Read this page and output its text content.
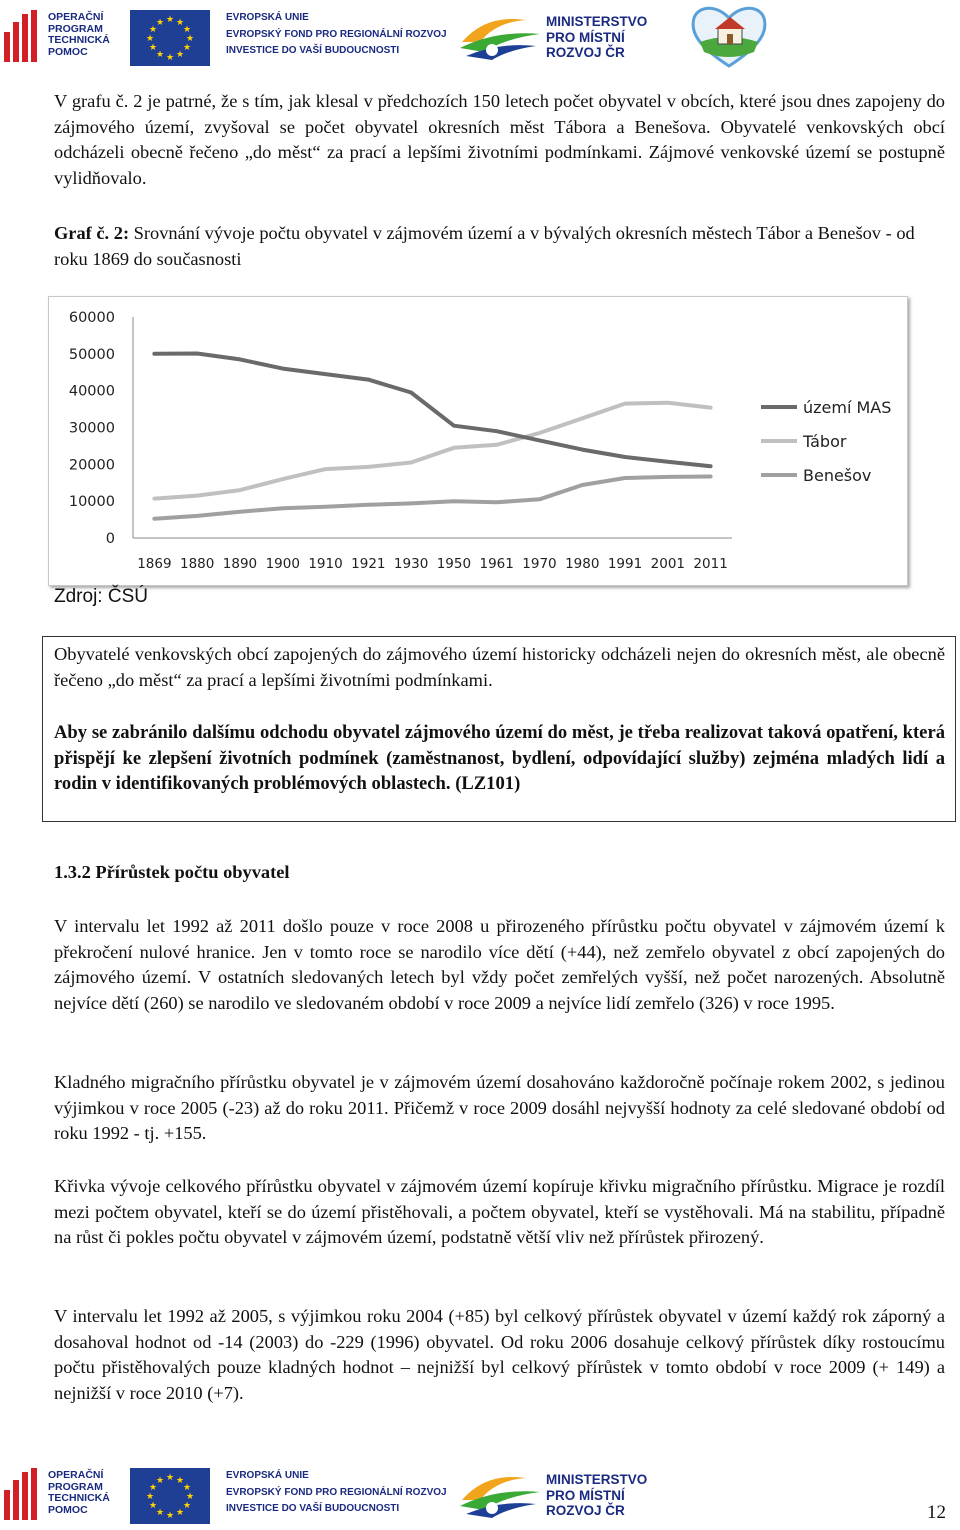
OPERAČNÍ
PROGRAM
TECHNICKÁ
POMOC
★ ★
★
★
★
★
★
★
★
★
★
★	EVROPSKÁ UNIE
EVROPSKÝ FOND PRO REGIONÁLNÍ ROZVOJ
INVESTICE DO VAŠÍ BUDOUCNOSTI
MINISTERSTVO
PRO MÍSTNÍ
ROZVOJ ČR

V grafu č. 2 je patrné, že s tím, jak klesal v předchozích 150 letech počet obyvatel v obcích, které jsou dnes zapojeny do zájmového území, zvyšoval se počet obyvatel okresních měst Tábora a Benešova. Obyvatelé venkovských obcí odcházeli obecně řečeno „do měst“ za prací a lepšími životními podmínkami. Zájmové venkovské území se postupně vylidňovalo.

Graf č. 2: Srovnání vývoje počtu obyvatel v zájmovém území a v bývalých okresních městech Tábor a Benešov - od roku 1869 do současnosti
60000
50000
40000
30000
20000
10000
0
1869 1880 1890 1900 1910 1921 1930 1950 1961 1970 1980 1991 2001 2011
území MAS
Tábor
Benešov
Zdroj: ČSÚ

Obyvatelé venkovských obcí zapojených do zájmového území historicky odcházeli nejen do okresních měst, ale obecně řečeno „do měst“ za prací a lepšími životními podmínkami.

Aby se zabránilo dalšímu odchodu obyvatel zájmového území do měst, je třeba realizovat taková opatření, která přispějí ke zlepšení životních podmínek (zaměstnanost, bydlení, odpovídající služby) zejména mladých lidí a rodin v identifikovaných problémových oblastech. (LZ101)

1.3.2 Přírůstek počtu obyvatel

V intervalu let 1992 až 2011 došlo pouze v roce 2008 u přirozeného přírůstku počtu obyvatel v zájmovém území k překročení nulové hranice. Jen v tomto roce se narodilo více dětí (+44), než zemřelo obyvatel z obcí zapojených do zájmového území. V ostatních sledovaných letech byl vždy počet zemřelých vyšší, než počet narozených. Absolutně nejvíce dětí (260) se narodilo ve sledovaném období v roce 2009 a nejvíce lidí zemřelo (326) v roce 1995.

Kladného migračního přírůstku obyvatel je v zájmovém území dosahováno každoročně počínaje rokem 2002, s jedinou výjimkou v roce 2005 (-23) až do roku 2011. Přičemž v roce 2009 dosáhl nejvyšší hodnoty za celé sledované období od roku 1992 - tj. +155.

Křivka vývoje celkového přírůstku obyvatel v zájmovém území kopíruje křivku migračního přírůstku. Migrace je rozdíl mezi počtem obyvatel, kteří se do území přistěhovali, a počtem obyvatel, kteří se vystěhovali. Má na stabilitu, případně na růst či pokles počtu obyvatel v zájmovém území, podstatně větší vliv než přírůstek přirozený.

V intervalu let 1992 až 2005, s výjimkou roku 2004 (+85) byl celkový přírůstek obyvatel v území každý rok záporný a dosahoval hodnot od -14 (2003) do -229 (1996) obyvatel. Od roku 2006 dosahuje celkový přírůstek díky rostoucímu počtu přistěhovalých pouze kladných hodnot – nejnižší byl celkový přírůstek v tomto období v roce 2009 (+ 149) a nejnižší v roce 2010 (+7).

OPERAČNÍ
PROGRAM
TECHNICKÁ
POMOC
★ ★
★
★
★
★
★
★
★
★
★
★	EVROPSKÁ UNIE
EVROPSKÝ FOND PRO REGIONÁLNÍ ROZVOJ
INVESTICE DO VAŠÍ BUDOUCNOSTI
MINISTERSTVO
PRO MÍSTNÍ
ROZVOJ ČR	12
